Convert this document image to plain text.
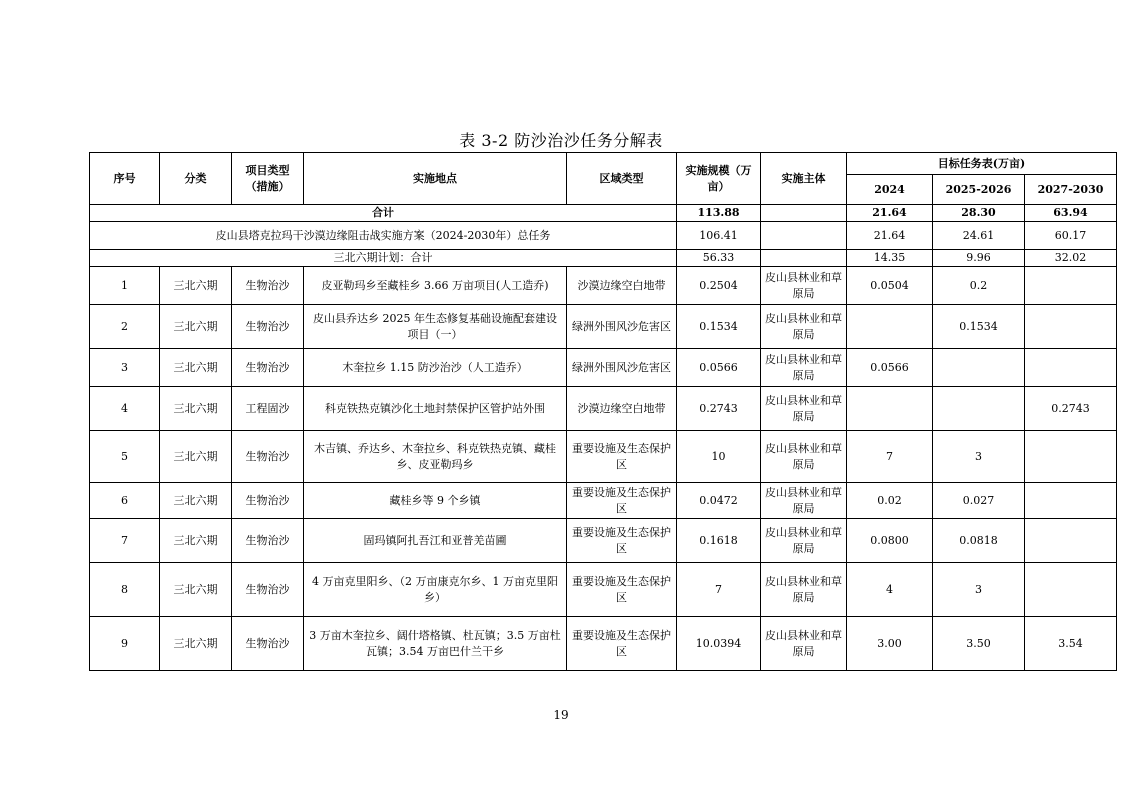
表 3-2 防沙治沙任务分解表
序号	分类	项目类型（措施）	实施地点	区域类型	实施规模（万亩）	实施主体	目标任务表(万亩)		
							2024	2025-2026	2027-2030
合计					113.88		21.64	28.30	63.94
皮山县塔克拉玛干沙漠边缘阻击战实施方案（2024-2030年）总任务					106.41		21.64	24.61	60.17
三北六期计划：合计					56.33		14.35	9.96	32.02
1	三北六期	生物治沙	皮亚勒玛乡至藏桂乡 3.66 万亩项目(人工造乔)	沙漠边缘空白地带	0.2504	皮山县林业和草原局	0.0504	0.2	
2	三北六期	生物治沙	皮山县乔达乡 2025 年生态修复基础设施配套建设项目（一）	绿洲外围风沙危害区	0.1534	皮山县林业和草原局		0.1534	
3	三北六期	生物治沙	木奎拉乡 1.15 防沙治沙（人工造乔）	绿洲外围风沙危害区	0.0566	皮山县林业和草原局	0.0566		
4	三北六期	工程固沙	科克铁热克镇沙化土地封禁保护区管护站外围	沙漠边缘空白地带	0.2743	皮山县林业和草原局			0.2743
5	三北六期	生物治沙	木吉镇、乔达乡、木奎拉乡、科克铁热克镇、藏桂乡、皮亚勒玛乡	重要设施及生态保护区	10	皮山县林业和草原局	7	3	
6	三北六期	生物治沙	藏桂乡等 9 个乡镇	重要设施及生态保护区	0.0472	皮山县林业和草原局	0.02	0.027	
7	三北六期	生物治沙	固玛镇阿扎吾江和亚普羌苗圃	重要设施及生态保护区	0.1618	皮山县林业和草原局	0.0800	0.0818	
8	三北六期	生物治沙	4 万亩克里阳乡、（2 万亩康克尔乡、1 万亩克里阳乡）	重要设施及生态保护区	7	皮山县林业和草原局	4	3	
9	三北六期	生物治沙	3 万亩木奎拉乡、阔什塔格镇、杜瓦镇；3.5 万亩杜瓦镇；3.54 万亩巴什兰干乡	重要设施及生态保护区	10.0394	皮山县林业和草原局	3.00	3.50	3.54
19
